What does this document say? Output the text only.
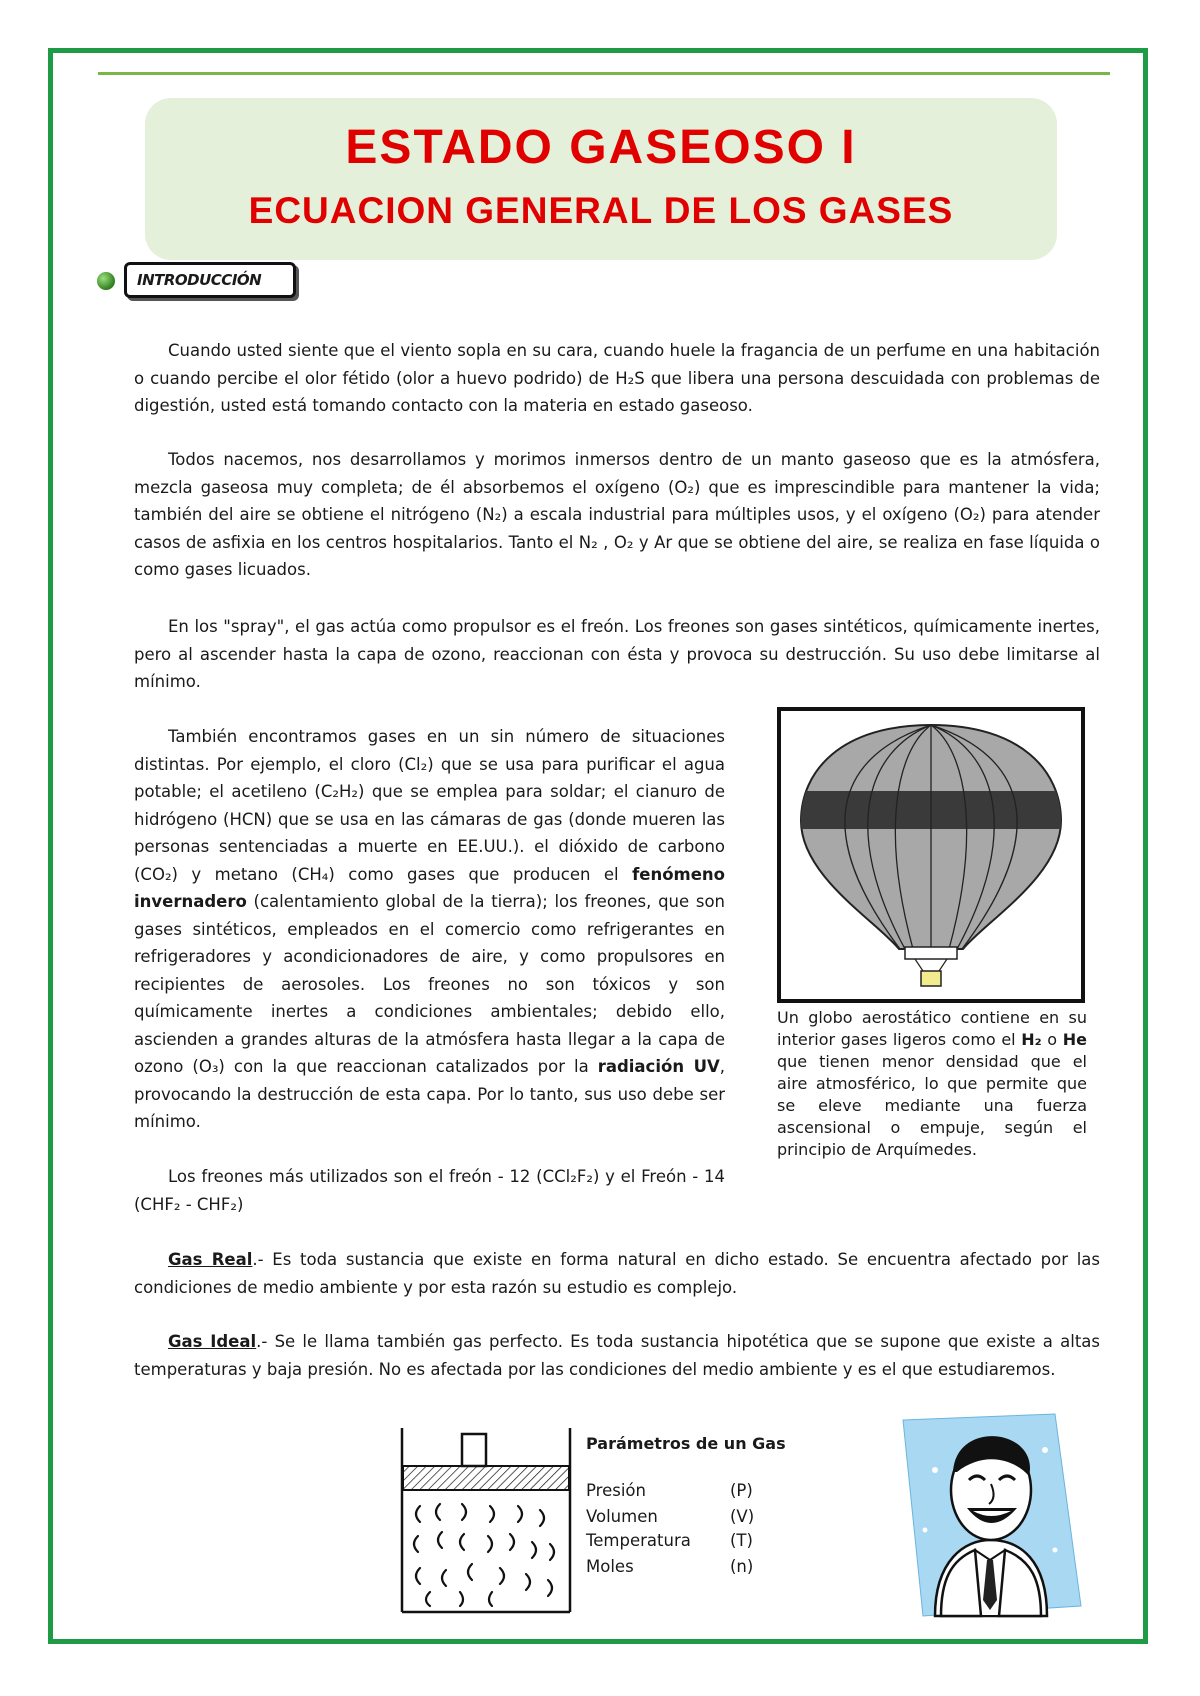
ESTADO GASEOSO I
ECUACION GENERAL DE LOS GASES
INTRODUCCIÓN

Cuando usted siente que el viento sopla en su cara, cuando huele la fragancia de un perfume en una habitación o cuando percibe el olor fétido (olor a huevo podrido) de H₂S que libera una persona descuidada con problemas de digestión, usted está tomando contacto con la materia en estado gaseoso.

Todos nacemos, nos desarrollamos y morimos inmersos dentro de un manto gaseoso que es la atmósfera, mezcla gaseosa muy completa; de él absorbemos el oxígeno (O₂) que es imprescindible para mantener la vida; también del aire se obtiene el nitrógeno (N₂) a escala industrial para múltiples usos, y el oxígeno (O₂) para atender casos de asfixia en los centros hospitalarios. Tanto el N₂ , O₂ y Ar que se obtiene del aire, se realiza en fase líquida o como gases licuados.

En los "spray", el gas actúa como propulsor es el freón. Los freones son gases sintéticos, químicamente inertes, pero al ascender hasta la capa de ozono, reaccionan con ésta y provoca su destrucción. Su uso debe limitarse al mínimo.

También encontramos gases en un sin número de situaciones distintas. Por ejemplo, el cloro (Cl₂) que se usa para purificar el agua potable; el acetileno (C₂H₂) que se emplea para soldar; el cianuro de hidrógeno (HCN) que se usa en las cámaras de gas (donde mueren las personas sentenciadas a muerte en EE.UU.). el dióxido de carbono (CO₂) y metano (CH₄) como gases que producen el fenómeno invernadero (calentamiento global de la tierra); los freones, que son gases sintéticos, empleados en el comercio como refrigerantes en refrigeradores y acondicionadores de aire, y como propulsores en recipientes de aerosoles. Los freones no son tóxicos y son químicamente inertes a condiciones ambientales; debido ello, ascienden a grandes alturas de la atmósfera hasta llegar a la capa de ozono (O₃) con la que reaccionan catalizados por la radiación UV, provocando la destrucción de esta capa. Por lo tanto, sus uso debe ser mínimo.

Los freones más utilizados son el freón - 12 (CCl₂F₂) y el Freón - 14 (CHF₂ - CHF₂)

Gas Real.- Es toda sustancia que existe en forma natural en dicho estado. Se encuentra afectado por las condiciones de medio ambiente y por esta razón su estudio es complejo.

Gas Ideal.- Se le llama también gas perfecto. Es toda sustancia hipotética que se supone que existe a altas temperaturas y baja presión. No es afectada por las condiciones del medio ambiente y es el que estudiaremos.

Un globo aerostático contiene en su interior gases ligeros como el H₂ o He que tienen menor densidad que el aire atmosférico, lo que permite que se eleve mediante una fuerza ascensional o empuje, según el principio de Arquímedes.

Parámetros de un Gas
Presión	(P)
Volumen	(V)
Temperatura (T)
Moles	(n)
